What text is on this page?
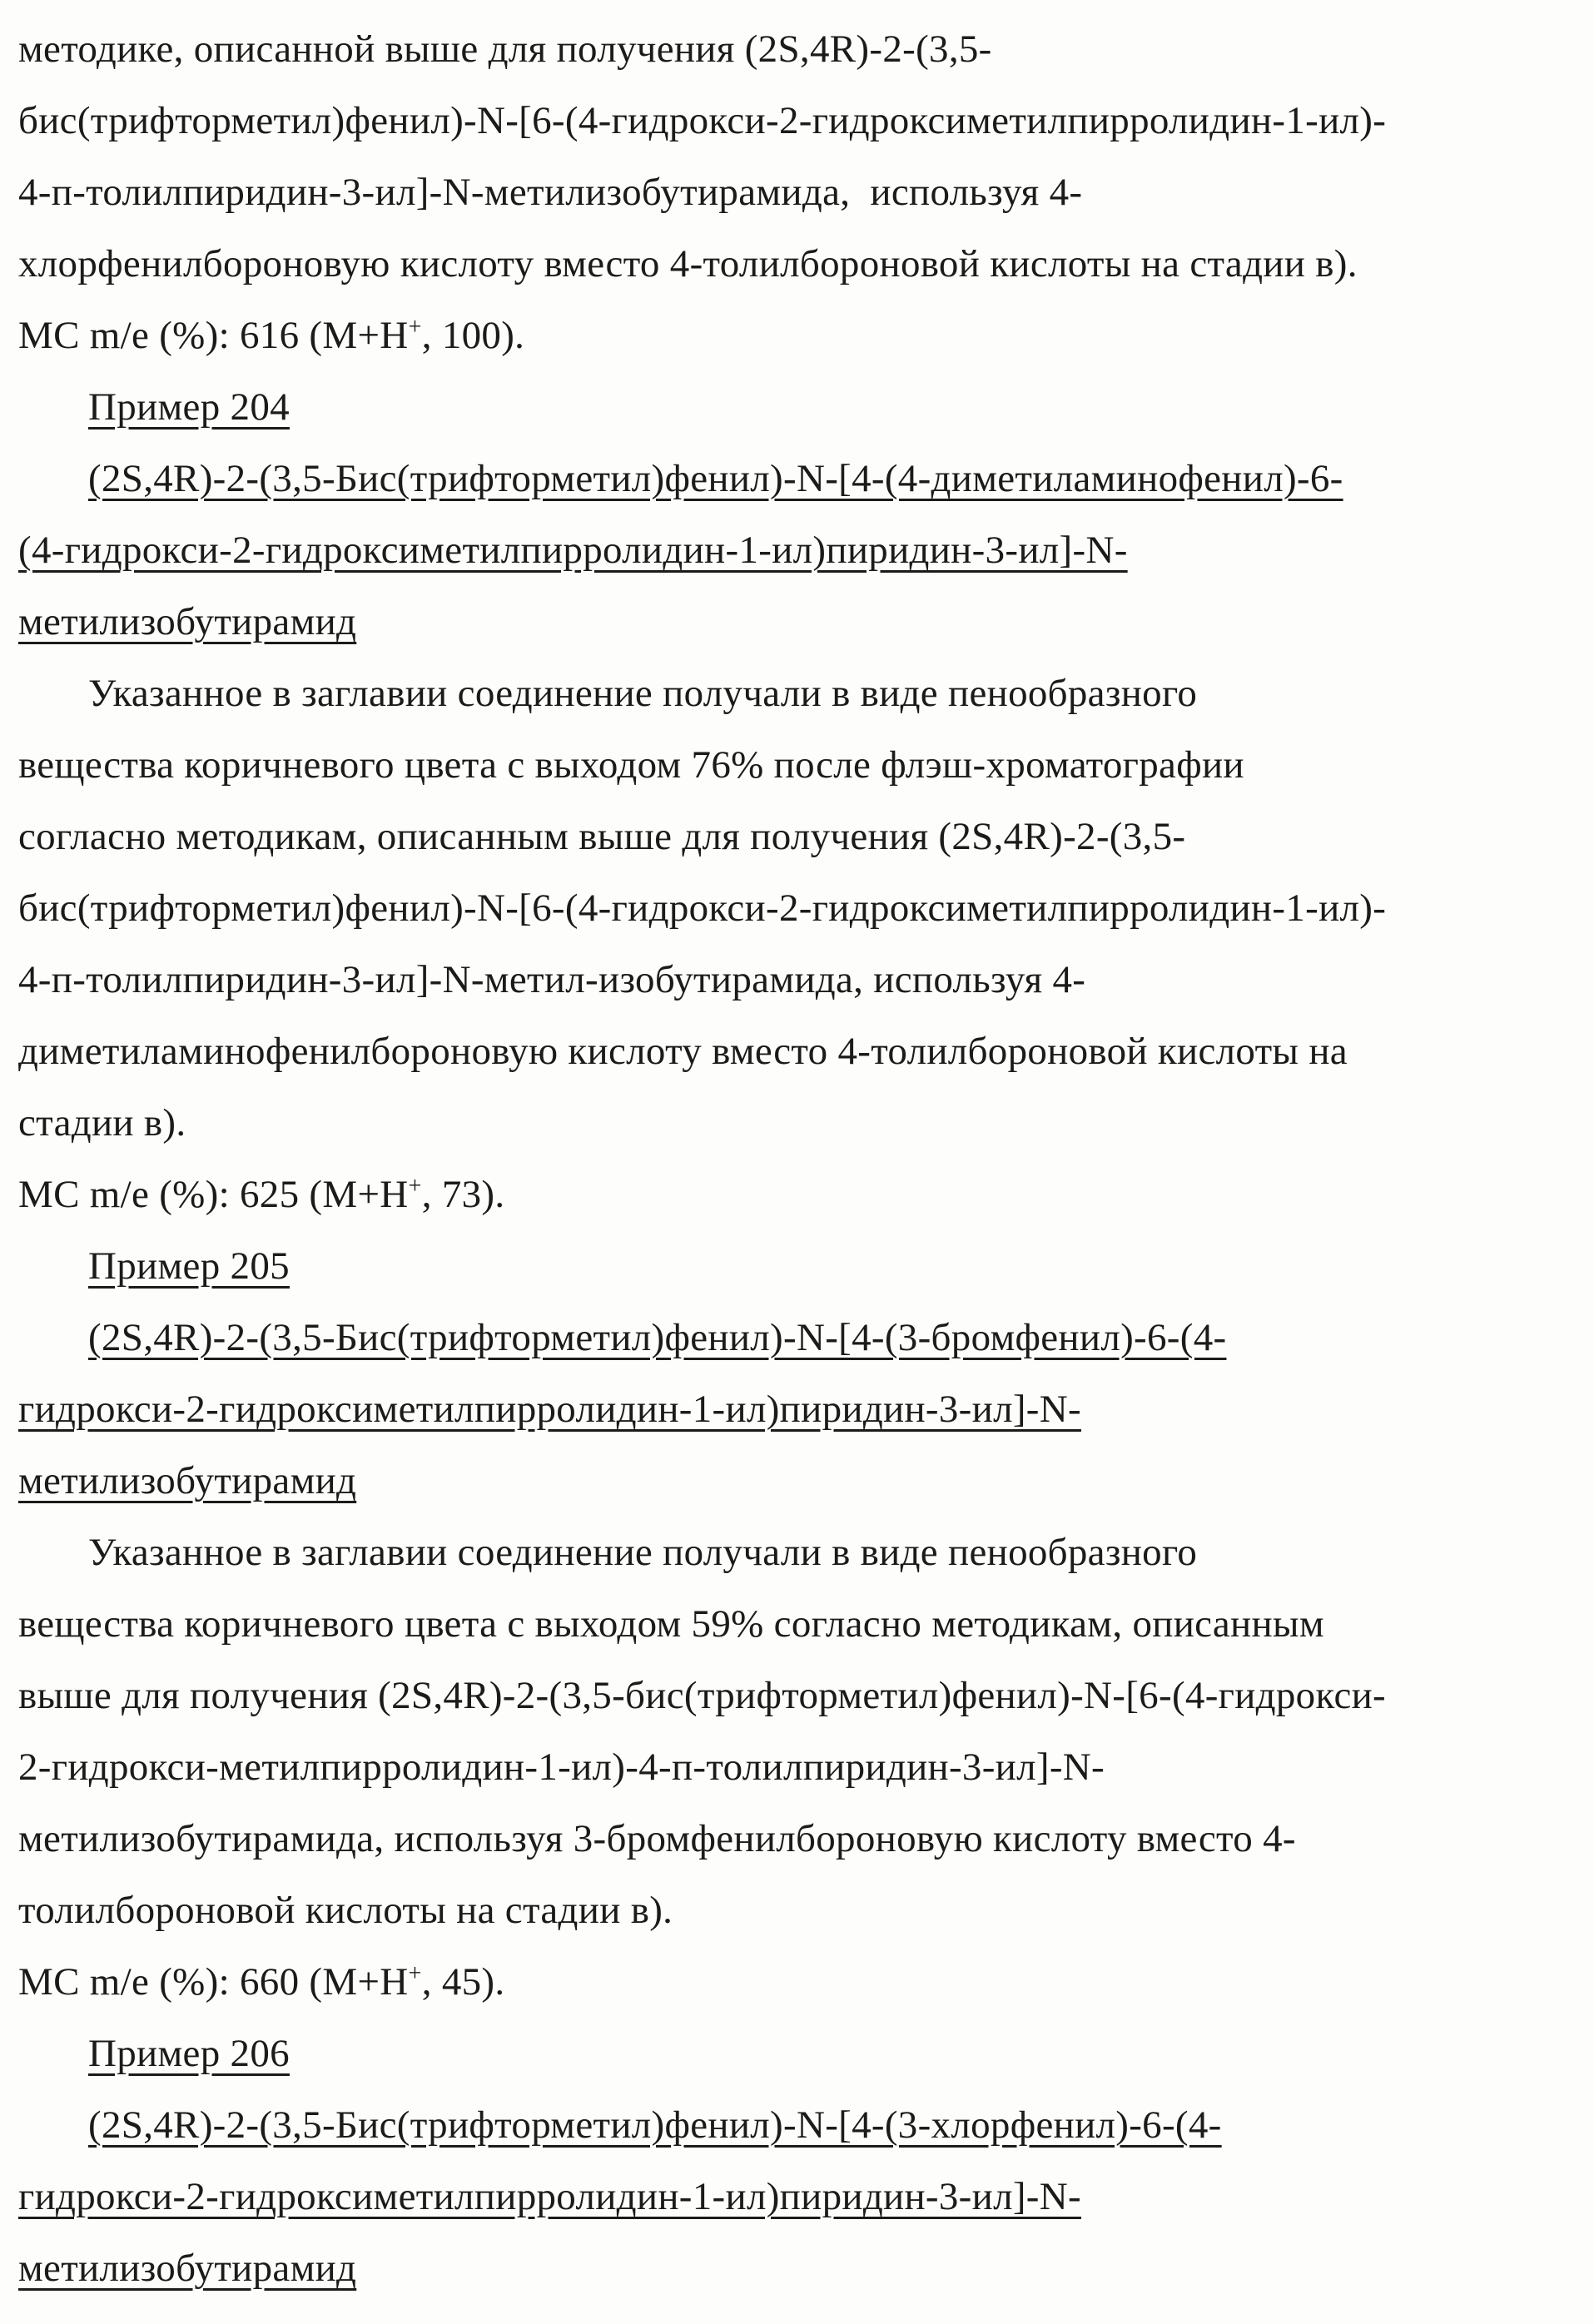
методике, описанной выше для получения (2S,4R)-2-(3,5-
бис(трифторметил)фенил)-N-[6-(4-гидрокси-2-гидроксиметилпирролидин-1-ил)-
4-п-толилпиридин-3-ил]-N-метилизобутирамида,  используя 4-
хлорфенилбороновую кислоту вместо 4-толилбороновой кислоты на стадии в).
МС m/e (%): 616 (M+H+, 100).
Пример 204
(2S,4R)-2-(3,5-Бис(трифторметил)фенил)-N-[4-(4-диметиламинофенил)-6-
(4-гидрокси-2-гидроксиметилпирролидин-1-ил)пиридин-3-ил]-N-
метилизобутирамид
Указанное в заглавии соединение получали в виде пенообразного
вещества коричневого цвета с выходом 76% после флэш-хроматографии
согласно методикам, описанным выше для получения (2S,4R)-2-(3,5-
бис(трифторметил)фенил)-N-[6-(4-гидрокси-2-гидроксиметилпирролидин-1-ил)-
4-п-толилпиридин-3-ил]-N-метил-изобутирамида, используя 4-
диметиламинофенилбороновую кислоту вместо 4-толилбороновой кислоты на
стадии в).
МС m/e (%): 625 (M+H+, 73).
Пример 205
(2S,4R)-2-(3,5-Бис(трифторметил)фенил)-N-[4-(3-бромфенил)-6-(4-
гидрокси-2-гидроксиметилпирролидин-1-ил)пиридин-3-ил]-N-
метилизобутирамид
Указанное в заглавии соединение получали в виде пенообразного
вещества коричневого цвета с выходом 59% согласно методикам, описанным
выше для получения (2S,4R)-2-(3,5-бис(трифторметил)фенил)-N-[6-(4-гидрокси-
2-гидрокси-метилпирролидин-1-ил)-4-п-толилпиридин-3-ил]-N-
метилизобутирамида, используя 3-бромфенилбороновую кислоту вместо 4-
толилбороновой кислоты на стадии в).
МС m/e (%): 660 (M+H+, 45).
Пример 206
(2S,4R)-2-(3,5-Бис(трифторметил)фенил)-N-[4-(3-хлорфенил)-6-(4-
гидрокси-2-гидроксиметилпирролидин-1-ил)пиридин-3-ил]-N-
метилизобутирамид
